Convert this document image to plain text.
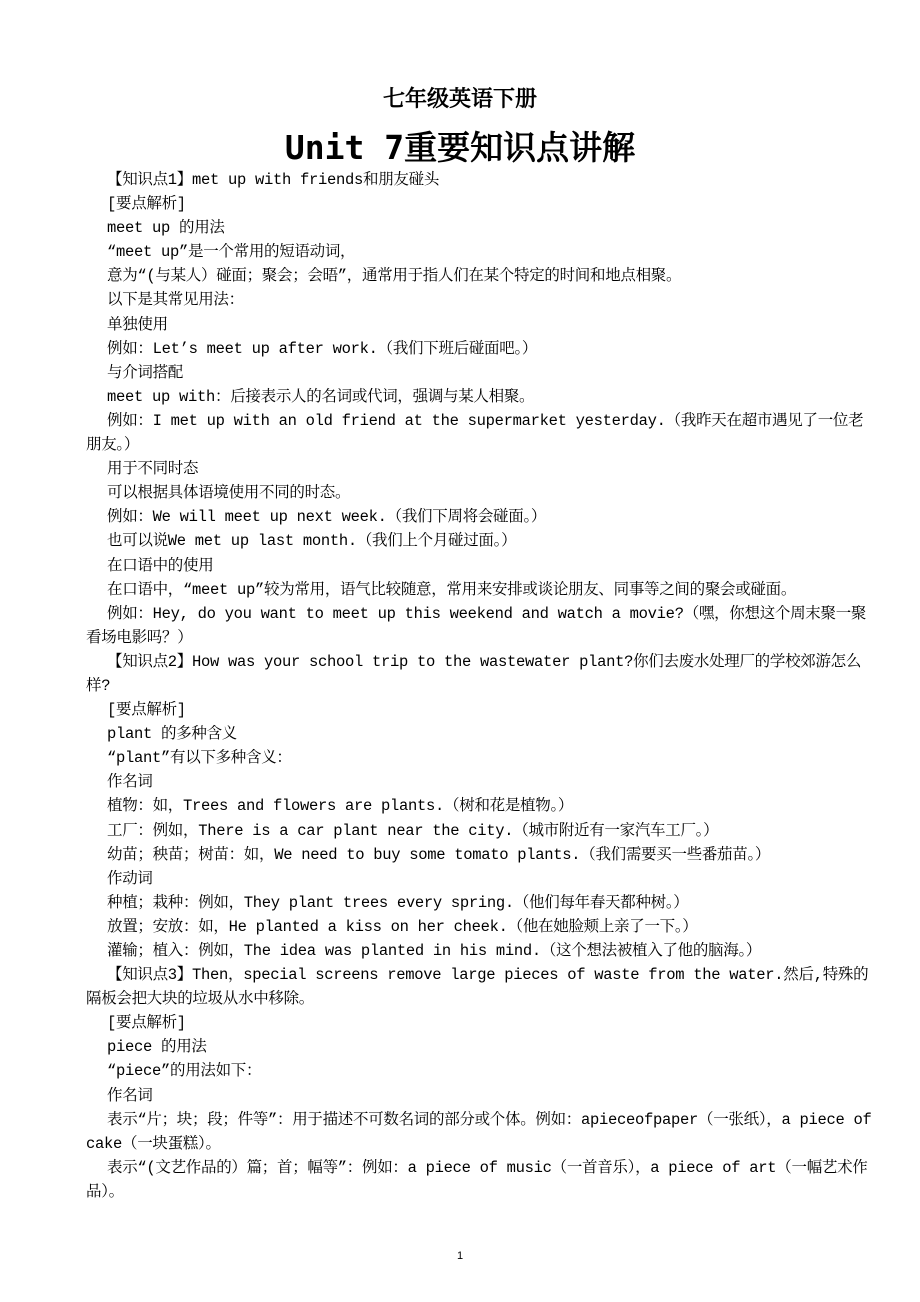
七年级英语下册
Unit 7重要知识点讲解

【知识点1】met up with friends和朋友碰头

[要点解析]

meet up 的用法

“meet up”是一个常用的短语动词，

意为“(与某人）碰面；聚会；会晤”，通常用于指人们在某个特定的时间和地点相聚。

以下是其常见用法：

单独使用

例如：Let’s meet up after work.（我们下班后碰面吧。）

与介词搭配

meet up with：后接表示人的名词或代词，强调与某人相聚。

例如：I met up with an old friend at the supermarket yesterday.（我昨天在超市遇见了一位老朋友。）

用于不同时态

可以根据具体语境使用不同的时态。

例如：We will meet up next week.（我们下周将会碰面。）

也可以说We met up last month.（我们上个月碰过面。）

在口语中的使用

在口语中，“meet up”较为常用，语气比较随意，常用来安排或谈论朋友、同事等之间的聚会或碰面。

例如：Hey, do you want to meet up this weekend and watch a movie?（嘿，你想这个周末聚一聚看场电影吗？）

【知识点2】How was your school trip to the wastewater plant?你们去废水处理厂的学校郊游怎么样?

[要点解析]

plant 的多种含义

“plant”有以下多种含义：

作名词

植物：如，Trees and flowers are plants.（树和花是植物。）

工厂：例如，There is a car plant near the city.（城市附近有一家汽车工厂。）

幼苗；秧苗；树苗：如，We need to buy some tomato plants.（我们需要买一些番茄苗。）

作动词

种植；栽种：例如，They plant trees every spring.（他们每年春天都种树。）

放置；安放：如，He planted a kiss on her cheek.（他在她脸颊上亲了一下。）

灌输；植入：例如，The idea was planted in his mind.（这个想法被植入了他的脑海。）

【知识点3】Then，special screens remove large pieces of waste from the water.然后,特殊的隔板会把大块的垃圾从水中移除。

[要点解析]

piece 的用法

“piece”的用法如下：

作名词

表示“片；块；段；件等”：用于描述不可数名词的部分或个体。例如：apieceofpaper（一张纸），a piece of cake（一块蛋糕）。

表示“(文艺作品的）篇；首；幅等”：例如：a piece of music（一首音乐），a piece of art（一幅艺术作品）。

1
